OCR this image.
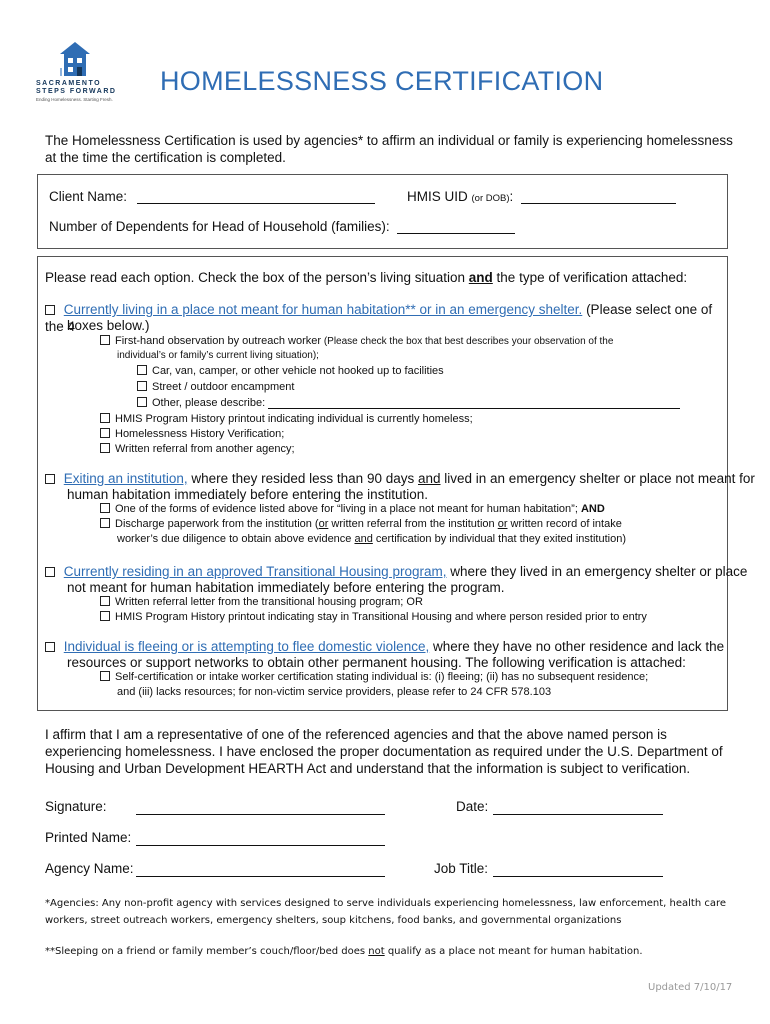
SACRAMENTO
STEPS FORWARD
Ending Homelessness. Starting Fresh.
HOMELESSNESS CERTIFICATION
The Homelessness Certification is used by agencies* to affirm an individual or family is experiencing homelessness at the time the certification is completed.
Client Name:	HMIS UID (or DOB):
Number of Dependents for Head of Household (families):
Please read each option. Check the box of the person’s living situation and the type of verification attached:
Currently living in a place not meant for human habitation** or in an emergency shelter. (Please select one of the 4
boxes below.)
First-hand observation by outreach worker (Please check the box that best describes your observation of the
individual’s or family’s current living situation);
Car, van, camper, or other vehicle not hooked up to facilities
Street / outdoor encampment
Other, please describe:
HMIS Program History printout indicating individual is currently homeless;
Homelessness History Verification;
Written referral from another agency;
Exiting an institution, where they resided less than 90 days and lived in an emergency shelter or place not meant for
human habitation immediately before entering the institution.
One of the forms of evidence listed above for “living in a place not meant for human habitation”; AND
Discharge paperwork from the institution (or written referral from the institution or written record of intake
worker’s due diligence to obtain above evidence and certification by individual that they exited institution)
Currently residing in an approved Transitional Housing program, where they lived in an emergency shelter or place
not meant for human habitation immediately before entering the program.
Written referral letter from the transitional housing program; OR
HMIS Program History printout indicating stay in Transitional Housing and where person resided prior to entry
Individual is fleeing or is attempting to flee domestic violence, where they have no other residence and lack the
resources or support networks to obtain other permanent housing. The following verification is attached:
Self-certification or intake worker certification stating individual is: (i) fleeing; (ii) has no subsequent residence;
and (iii) lacks resources; for non-victim service providers, please refer to 24 CFR 578.103
I affirm that I am a representative of one of the referenced agencies and that the above named person is experiencing homelessness. I have enclosed the proper documentation as required under the U.S. Department of Housing and Urban Development HEARTH Act and understand that the information is subject to verification.
Signature:	Date:
Printed Name:
Agency Name:	Job Title:
*Agencies: Any non-profit agency with services designed to serve individuals experiencing homelessness, law enforcement, health care workers, street outreach workers, emergency shelters, soup kitchens, food banks, and governmental organizations
**Sleeping on a friend or family member’s couch/floor/bed does not qualify as a place not meant for human habitation.
Updated 7/10/17
